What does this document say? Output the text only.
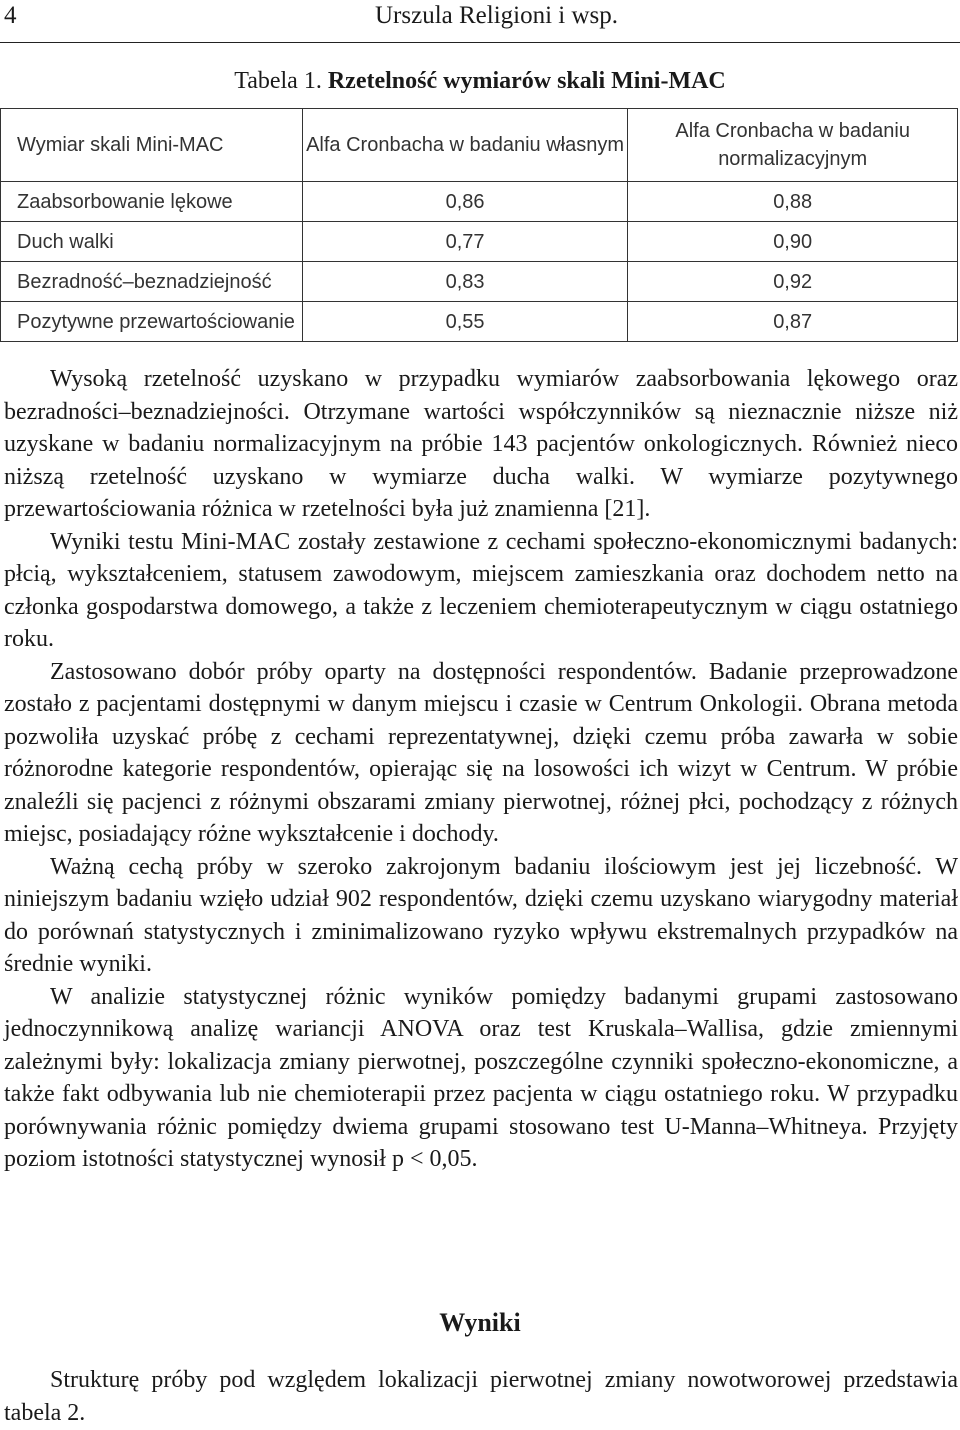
4	Urszula Religioni i wsp.
Tabela 1. Rzetelność wymiarów skali Mini-MAC
Wymiar skali Mini-MAC	Alfa Cronbacha w badaniu własnym	Alfa Cronbacha w badaniu normalizacyjnym
Zaabsorbowanie lękowe	0,86	0,88
Duch walki	0,77	0,90
Bezradność–beznadziejność	0,83	0,92
Pozytywne przewartościowanie	0,55	0,87

Wysoką rzetelność uzyskano w przypadku wymiarów zaabsorbowania lękowego oraz bezradności–beznadziejności. Otrzymane wartości współczynników są nieznacznie niższe niż uzyskane w badaniu normalizacyjnym na próbie 143 pacjentów onkologicznych. Również nieco niższą rzetelność uzyskano w wymiarze ducha walki. W wymiarze pozytywnego przewartościowania różnica w rzetelności była już znamienna [21].

Wyniki testu Mini-MAC zostały zestawione z cechami społeczno-ekonomicznymi badanych: płcią, wykształceniem, statusem zawodowym, miejscem zamieszkania oraz dochodem netto na członka gospodarstwa domowego, a także z leczeniem chemioterapeutycznym w ciągu ostatniego roku.

Zastosowano dobór próby oparty na dostępności respondentów. Badanie przeprowadzone zostało z pacjentami dostępnymi w danym miejscu i czasie w Centrum Onkologii. Obrana metoda pozwoliła uzyskać próbę z cechami reprezentatywnej, dzięki czemu próba zawarła w sobie różnorodne kategorie respondentów, opierając się na losowości ich wizyt w Centrum. W próbie znaleźli się pacjenci z różnymi obszarami zmiany pierwotnej, różnej płci, pochodzący z różnych miejsc, posiadający różne wykształcenie i dochody.

Ważną cechą próby w szeroko zakrojonym badaniu ilościowym jest jej liczebność. W niniejszym badaniu wzięło udział 902 respondentów, dzięki czemu uzyskano wiarygodny materiał do porównań statystycznych i zminimalizowano ryzyko wpływu ekstremalnych przypadków na średnie wyniki.

W analizie statystycznej różnic wyników pomiędzy badanymi grupami zastosowano jednoczynnikową analizę wariancji ANOVA oraz test Kruskala–Wallisa, gdzie zmiennymi zależnymi były: lokalizacja zmiany pierwotnej, poszczególne czynniki społeczno-ekonomiczne, a także fakt odbywania lub nie chemioterapii przez pacjenta w ciągu ostatniego roku. W przypadku porównywania różnic pomiędzy dwiema grupami stosowano test U-Manna–Whitneya. Przyjęty poziom istotności statystycznej wynosił p < 0,05.

Wyniki

Strukturę próby pod względem lokalizacji pierwotnej zmiany nowotworowej przedstawia tabela 2.
